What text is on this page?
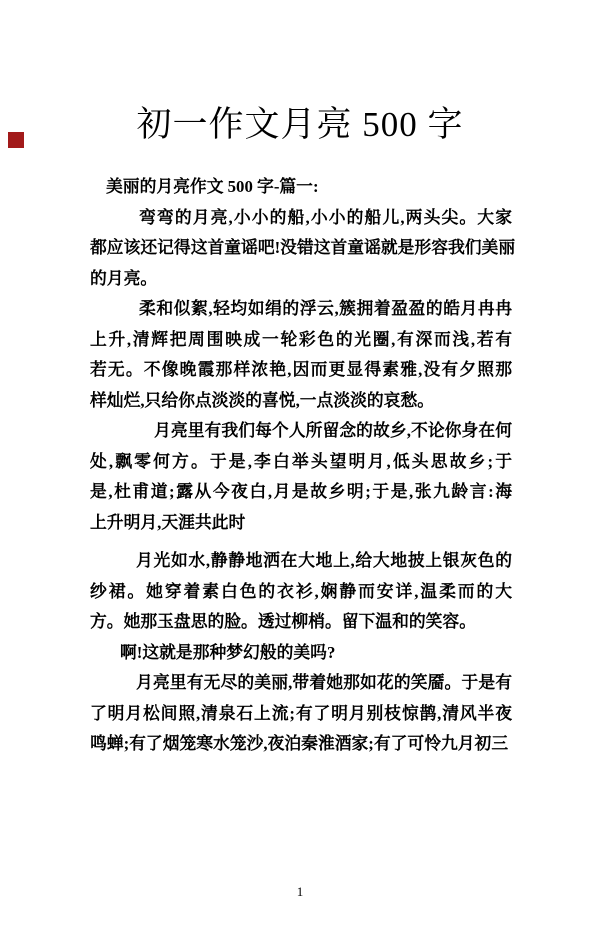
初一作文月亮 500 字
美丽的月亮作文 500 字-篇一:
弯弯的月亮,小小的船,小小的船儿,两头尖。大家
都应该还记得这首童谣吧!没错这首童谣就是形容我们美丽
的月亮。
柔和似絮,轻均如绢的浮云,簇拥着盈盈的皓月冉冉
上升,清辉把周围映成一轮彩色的光圈,有深而浅,若有
若无。不像晚霞那样浓艳,因而更显得素雅,没有夕照那
样灿烂,只给你点淡淡的喜悦,一点淡淡的哀愁。
月亮里有我们每个人所留念的故乡,不论你身在何
处,飘零何方。于是,李白举头望明月,低头思故乡;于
是,杜甫道;露从今夜白,月是故乡明;于是,张九龄言:海
上升明月,天涯共此时
月光如水,静静地洒在大地上,给大地披上银灰色的
纱裙。她穿着素白色的衣衫,娴静而安详,温柔而的大
方。她那玉盘思的脸。透过柳梢。留下温和的笑容。
啊!这就是那种梦幻般的美吗?
月亮里有无尽的美丽,带着她那如花的笑靥。于是有
了明月松间照,清泉石上流;有了明月别枝惊鹊,清风半夜
鸣蝉;有了烟笼寒水笼沙,夜泊秦淮酒家;有了可怜九月初三
1
